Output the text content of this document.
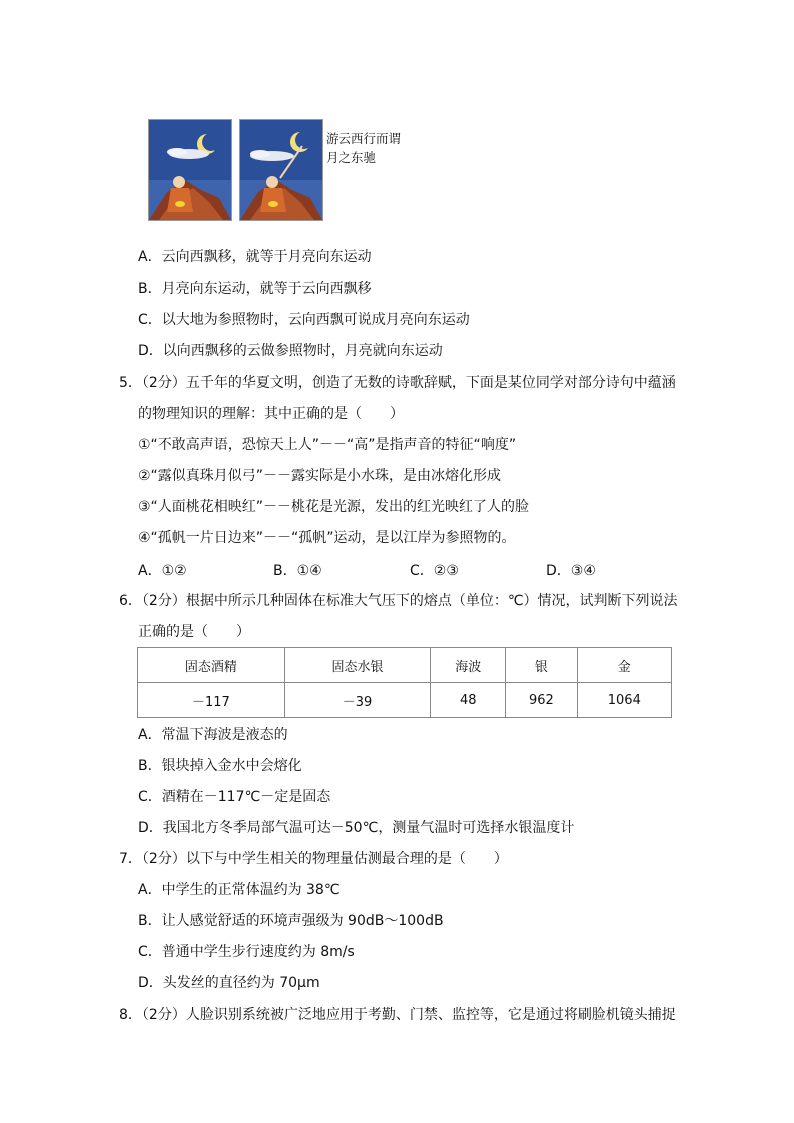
游云西行而谓
月之东驰
A．云向西飘移，就等于月亮向东运动
B．月亮向东运动，就等于云向西飘移
C．以大地为参照物时，云向西飘可说成月亮向东运动
D．以向西飘移的云做参照物时，月亮就向东运动
5．（2分）五千年的华夏文明，创造了无数的诗歌辞赋，下面是某位同学对部分诗句中蕴涵
的物理知识的理解：其中正确的是（　　）
①“不敢高声语，恐惊天上人”－－“高”是指声音的特征“响度”
②“露似真珠月似弓”－－露实际是小水珠，是由冰熔化形成
③“人面桃花相映红”－－桃花是光源，发出的红光映红了人的脸
④“孤帆一片日边来”－－“孤帆”运动，是以江岸为参照物的。
A．①②	B．①④	C．②③	D．③④
6．（2分）根据中所示几种固体在标准大气压下的熔点（单位：℃）情况，试判断下列说法
正确的是（　　）
固态酒精	固态水银	海波	银	金
－117	－39	48	962	1064
A．常温下海波是液态的
B．银块掉入金水中会熔化
C．酒精在－117℃－定是固态
D．我国北方冬季局部气温可达－50℃，测量气温时可选择水银温度计
7．（2分）以下与中学生相关的物理量估测最合理的是（　　）
A．中学生的正常体温约为 38℃
B．让人感觉舒适的环境声强级为 90dB～100dB
C．普通中学生步行速度约为 8m/s
D．头发丝的直径约为 70μm
8．（2分）人脸识别系统被广泛地应用于考勤、门禁、监控等，它是通过将刷脸机镜头捕捉
